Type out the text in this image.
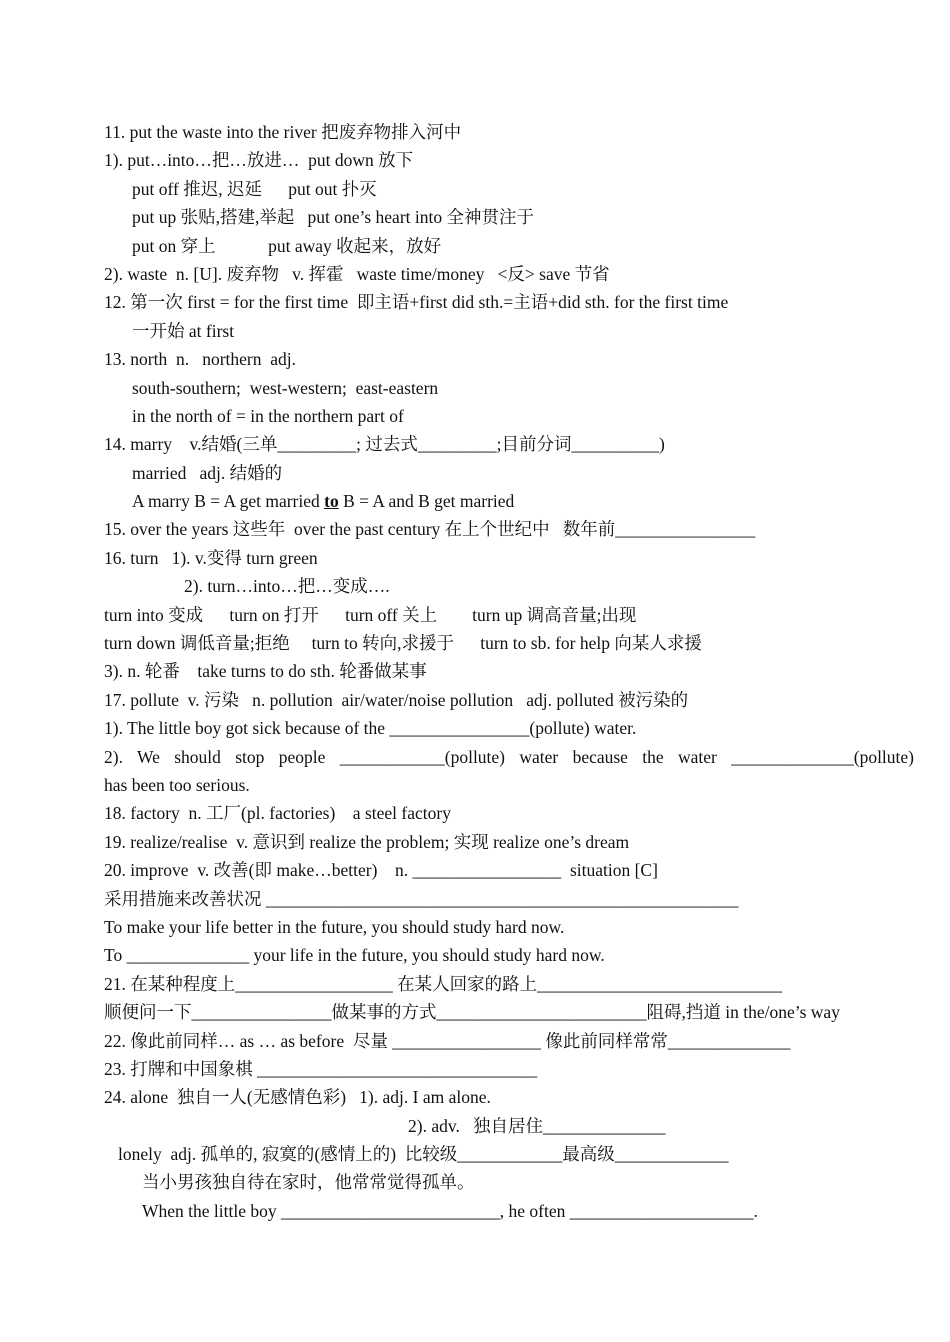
11. put the waste into the river 把废弃物排入河中
1). put…into…把…放进…  put down 放下
put off 推迟, 迟延      put out 扑灭
put up 张贴,搭建,举起   put one’s heart into 全神贯注于
put on 穿上            put away 收起来，放好
2). waste  n. [U]. 废弃物   v. 挥霍   waste time/money   <反> save 节省
12. 第一次 first = for the first time  即主语+first did sth.=主语+did sth. for the first time
一开始 at first
13. north  n.   northern  adj.
south-southern;  west-western;  east-eastern
in the north of = in the northern part of
14. marry    v.结婚(三单_________; 过去式_________;目前分词__________)
married   adj. 结婚的
A marry B = A get married to B = A and B get married
15. over the years 这些年  over the past century 在上个世纪中   数年前________________
16. turn   1). v.变得 turn green
2). turn…into…把…变成….
turn into 变成      turn on 打开      turn off 关上        turn up 调高音量;出现
turn down 调低音量;拒绝     turn to 转向,求援于      turn to sb. for help 向某人求援
3). n. 轮番    take turns to do sth. 轮番做某事
17. pollute  v. 污染   n. pollution  air/water/noise pollution   adj. polluted 被污染的
1). The little boy got sick because of the ________________(pollute) water.
2). We should stop people ____________(pollute) water because the water ______________(pollute)
has been too serious.
18. factory  n. 工厂(pl. factories)    a steel factory
19. realize/realise  v. 意识到 realize the problem; 实现 realize one’s dream
20. improve  v. 改善(即 make…better)    n. _________________  situation [C]
采用措施来改善状况 ______________________________________________________
To make your life better in the future, you should study hard now.
To ______________ your life in the future, you should study hard now.
21. 在某种程度上__________________ 在某人回家的路上____________________________
顺便问一下________________做某事的方式________________________阻碍,挡道 in the/one’s way
22. 像此前同样… as … as before  尽量 _________________ 像此前同样常常______________
23. 打牌和中国象棋 ________________________________
24. alone  独自一人(无感情色彩)   1). adj. I am alone.
2). adv.   独自居住______________
lonely  adj. 孤单的, 寂寞的(感情上的)  比较级____________最高级_____________
当小男孩独自待在家时，他常常觉得孤单。
When the little boy _________________________, he often _____________________.
